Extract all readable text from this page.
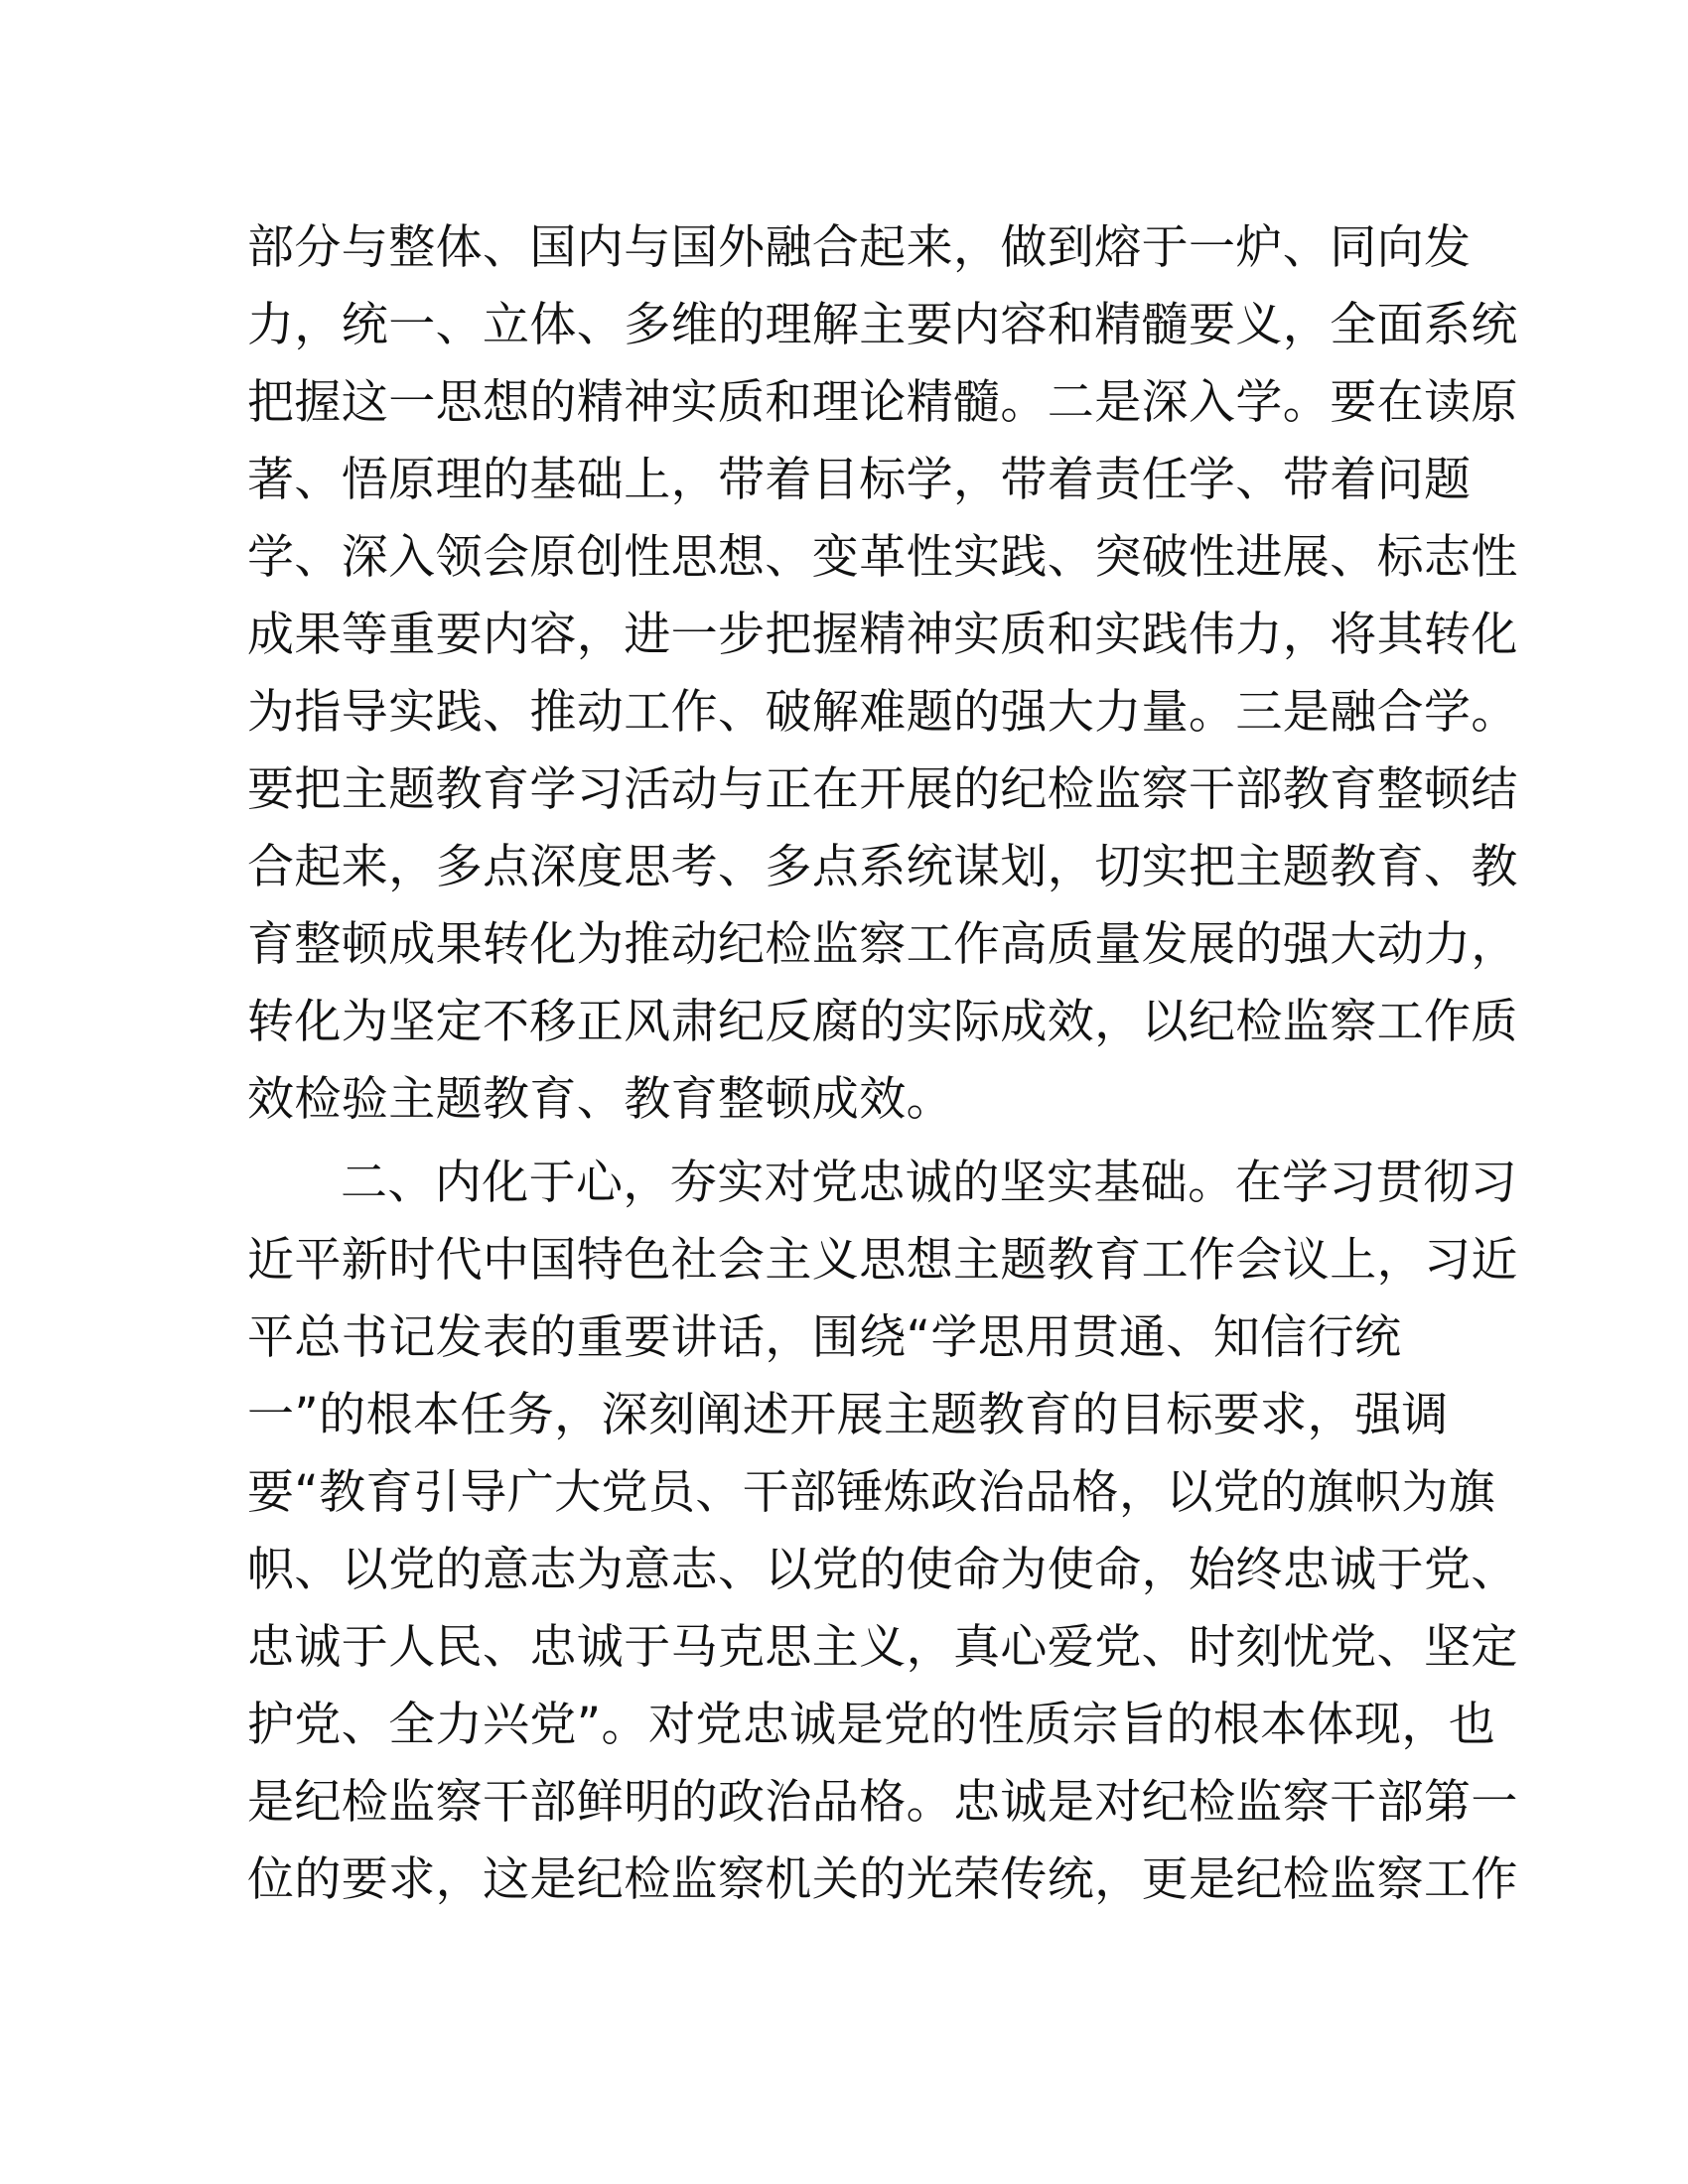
部分与整体、国内与国外融合起来，做到熔于一炉、同向发
力，统一、立体、多维的理解主要内容和精髓要义，全面系统
把握这一思想的精神实质和理论精髓。二是深入学。要在读原
著、悟原理的基础上，带着目标学，带着责任学、带着问题
学、深入领会原创性思想、变革性实践、突破性进展、标志性
成果等重要内容，进一步把握精神实质和实践伟力，将其转化
为指导实践、推动工作、破解难题的强大力量。三是融合学。
要把主题教育学习活动与正在开展的纪检监察干部教育整顿结
合起来，多点深度思考、多点系统谋划，切实把主题教育、教
育整顿成果转化为推动纪检监察工作高质量发展的强大动力，
转化为坚定不移正风肃纪反腐的实际成效，以纪检监察工作质
效检验主题教育、教育整顿成效。
二、内化于心，夯实对党忠诚的坚实基础。在学习贯彻习
近平新时代中国特色社会主义思想主题教育工作会议上，习近
平总书记发表的重要讲话，围绕“学思用贯通、知信行统
一”的根本任务，深刻阐述开展主题教育的目标要求，强调
要“教育引导广大党员、干部锤炼政治品格，以党的旗帜为旗
帜、以党的意志为意志、以党的使命为使命，始终忠诚于党、
忠诚于人民、忠诚于马克思主义，真心爱党、时刻忧党、坚定
护党、全力兴党”。对党忠诚是党的性质宗旨的根本体现，也
是纪检监察干部鲜明的政治品格。忠诚是对纪检监察干部第一
位的要求，这是纪检监察机关的光荣传统，更是纪检监察工作
